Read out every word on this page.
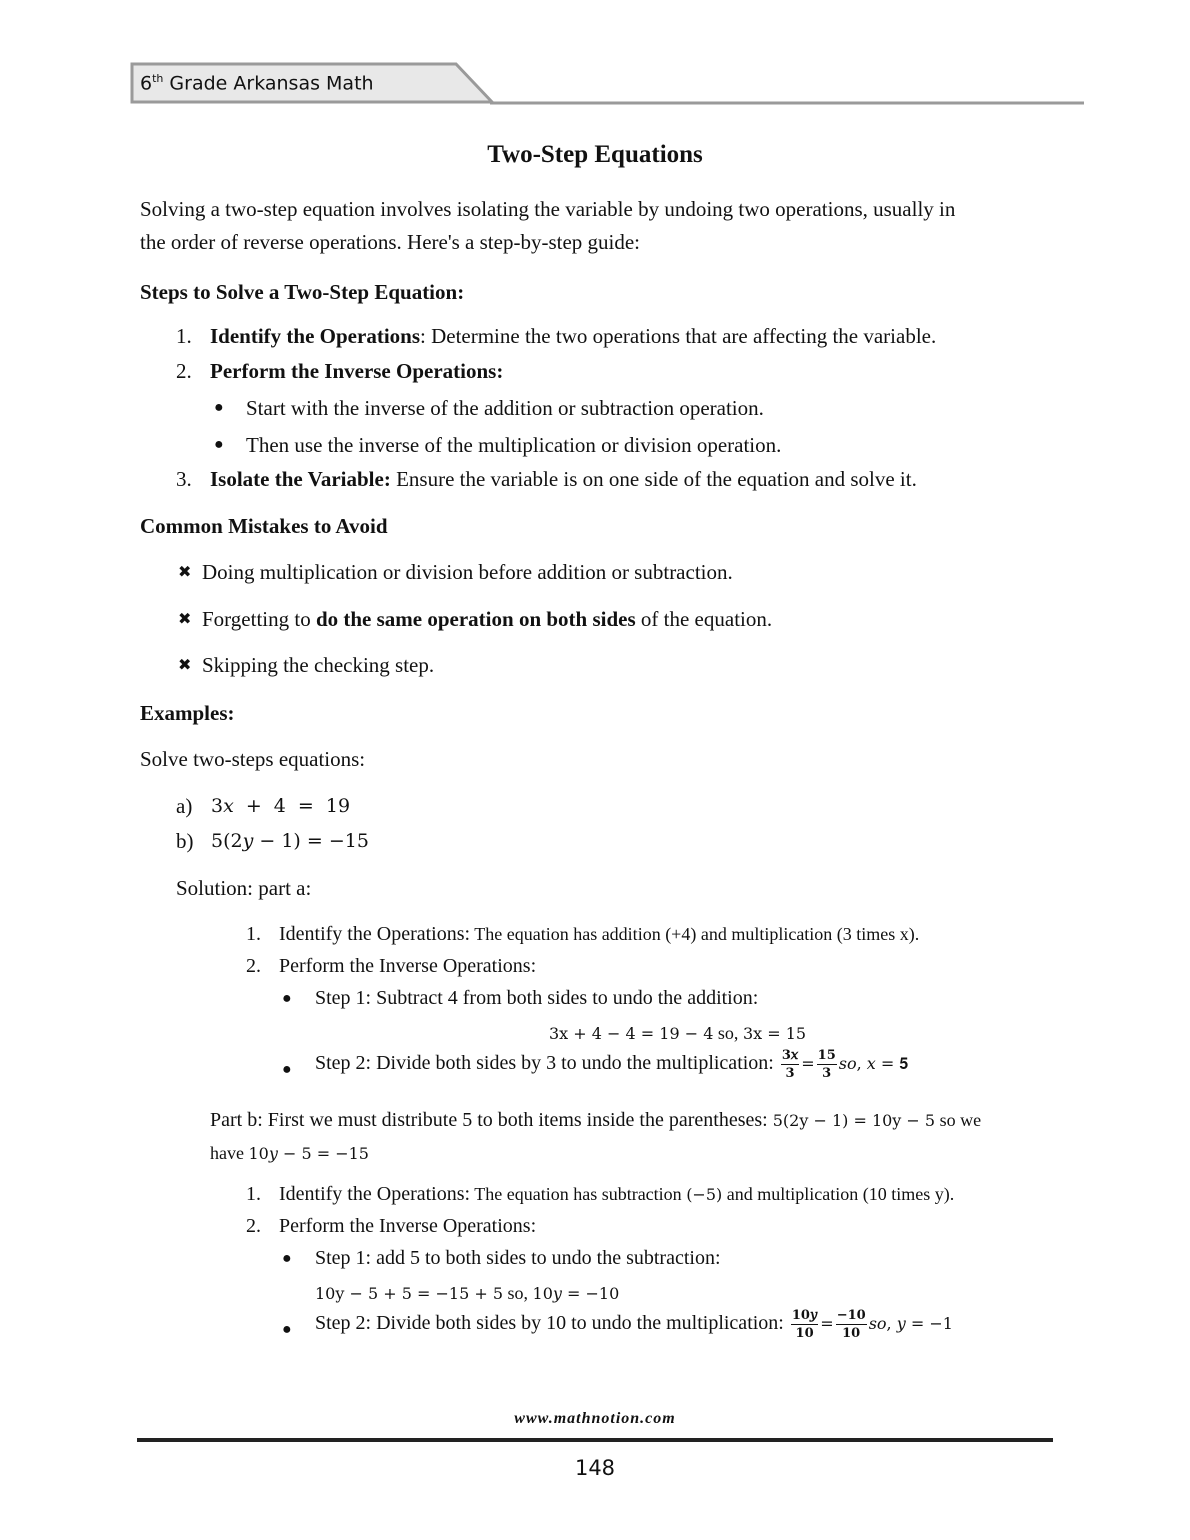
6th Grade Arkansas Math
Two-Step Equations
Solving a two-step equation involves isolating the variable by undoing two operations, usually in
the order of reverse operations. Here's a step-by-step guide:
Steps to Solve a Two-Step Equation:
1. Identify the Operations: Determine the two operations that are affecting the variable.
2. Perform the Inverse Operations:
● Start with the inverse of the addition or subtraction operation.
● Then use the inverse of the multiplication or division operation.
3. Isolate the Variable: Ensure the variable is on one side of the equation and solve it.
Common Mistakes to Avoid
✖ Doing multiplication or division before addition or subtraction.
✖ Forgetting to do the same operation on both sides of the equation.
✖ Skipping the checking step.
Examples:
Solve two-steps equations:
a) 3𝑥 + 4 = 19
b) 5(2𝑦 − 1) = −15
Solution: part a:
1. Identify the Operations: The equation has addition (+4) and multiplication (3 times x).
2. Perform the Inverse Operations:
● Step 1: Subtract 4 from both sides to undo the addition:
3x + 4 − 4 = 19 − 4 so, 3x = 15
● Step 2: Divide both sides by 3 to undo the multiplication: $\frac{\text{3𝑥}}{3} = \frac{15}{3}$ 𝑠𝑜, 𝑥 = 𝟓
Part b: First we must distribute 5 to both items inside the parentheses: 5(2y − 1) = 10y − 5 so we
have 10𝑦 − 5 = −15
1. Identify the Operations: The equation has subtraction (−5) and multiplication (10 times y).
2. Perform the Inverse Operations:
● Step 1: add 5 to both sides to undo the subtraction:
10y − 5 + 5 = −15 + 5 so, 10𝑦 = −10
● Step 2: Divide both sides by 10 to undo the multiplication: $\frac{\text{10𝑦}}{10} = \frac{-10}{10}$ 𝑠𝑜, 𝑦 = −1
www.mathnotion.com
148
